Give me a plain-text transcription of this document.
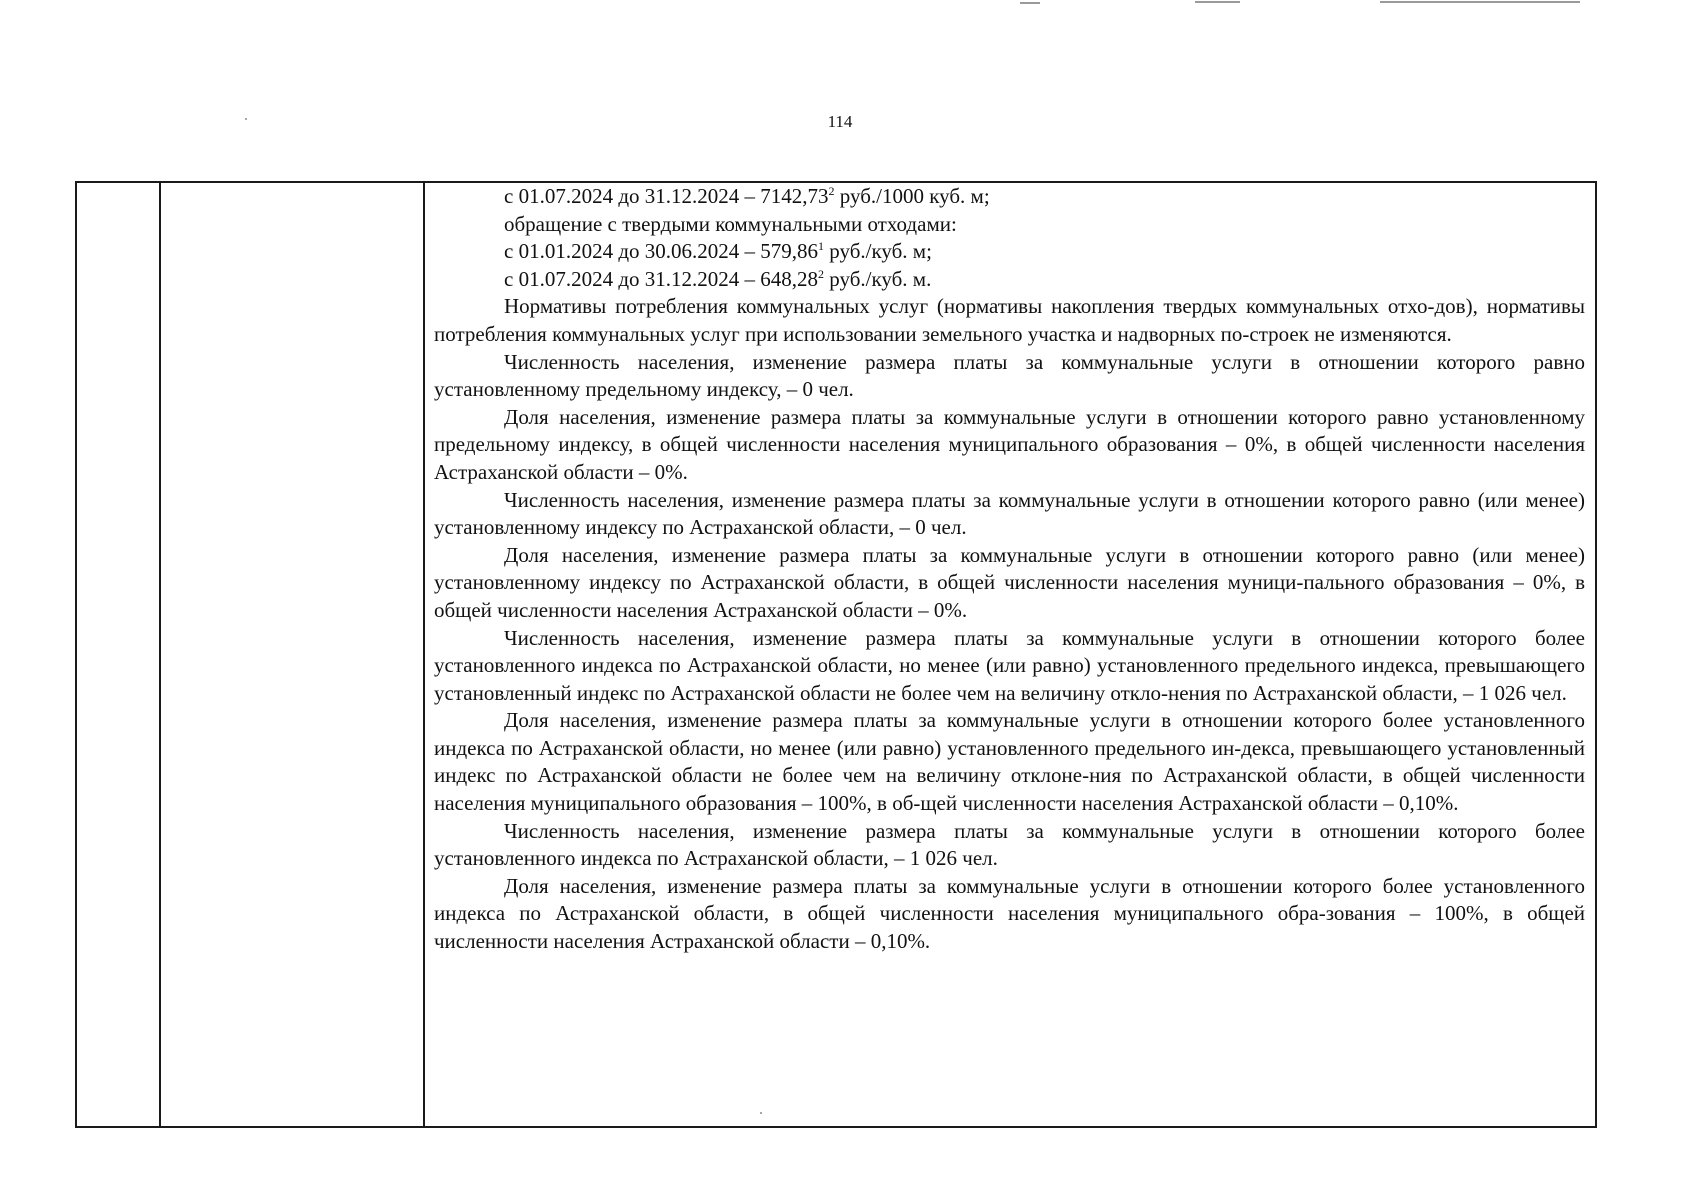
114

с 01.07.2024 до 31.12.2024 – 7142,73$^2$ руб./1000 куб. м;

обращение с твердыми коммунальными отходами:

с 01.01.2024 до 30.06.2024 – 579,86$^1$ руб./куб. м;

с 01.07.2024 до 31.12.2024 – 648,28$^2$ руб./куб. м.

Нормативы потребления коммунальных услуг (нормативы накопления твердых коммунальных отхо-дов), нормативы потребления коммунальных услуг при использовании земельного участка и надворных по-строек не изменяются.

Численность населения, изменение размера платы за коммунальные услуги в отношении которого равно установленному предельному индексу, – 0 чел.

Доля населения, изменение размера платы за коммунальные услуги в отношении которого равно установленному предельному индексу, в общей численности населения муниципального образования – 0%, в общей численности населения Астраханской области – 0%.

Численность населения, изменение размера платы за коммунальные услуги в отношении которого равно (или менее) установленному индексу по Астраханской области, – 0 чел.

Доля населения, изменение размера платы за коммунальные услуги в отношении которого равно (или менее) установленному индексу по Астраханской области, в общей численности населения муници-пального образования – 0%, в общей численности населения Астраханской области – 0%.

Численность населения, изменение размера платы за коммунальные услуги в отношении которого более установленного индекса по Астраханской области, но менее (или равно) установленного предельного индекса, превышающего установленный индекс по Астраханской области не более чем на величину откло-нения по Астраханской области, – 1 026 чел.

Доля населения, изменение размера платы за коммунальные услуги в отношении которого более установленного индекса по Астраханской области, но менее (или равно) установленного предельного ин-декса, превышающего установленный индекс по Астраханской области не более чем на величину отклоне-ния по Астраханской области, в общей численности населения муниципального образования – 100%, в об-щей численности населения Астраханской области – 0,10%.

Численность населения, изменение размера платы за коммунальные услуги в отношении которого более установленного индекса по Астраханской области, – 1 026 чел.

Доля населения, изменение размера платы за коммунальные услуги в отношении которого более установленного индекса по Астраханской области, в общей численности населения муниципального обра-зования – 100%, в общей численности населения Астраханской области – 0,10%.
